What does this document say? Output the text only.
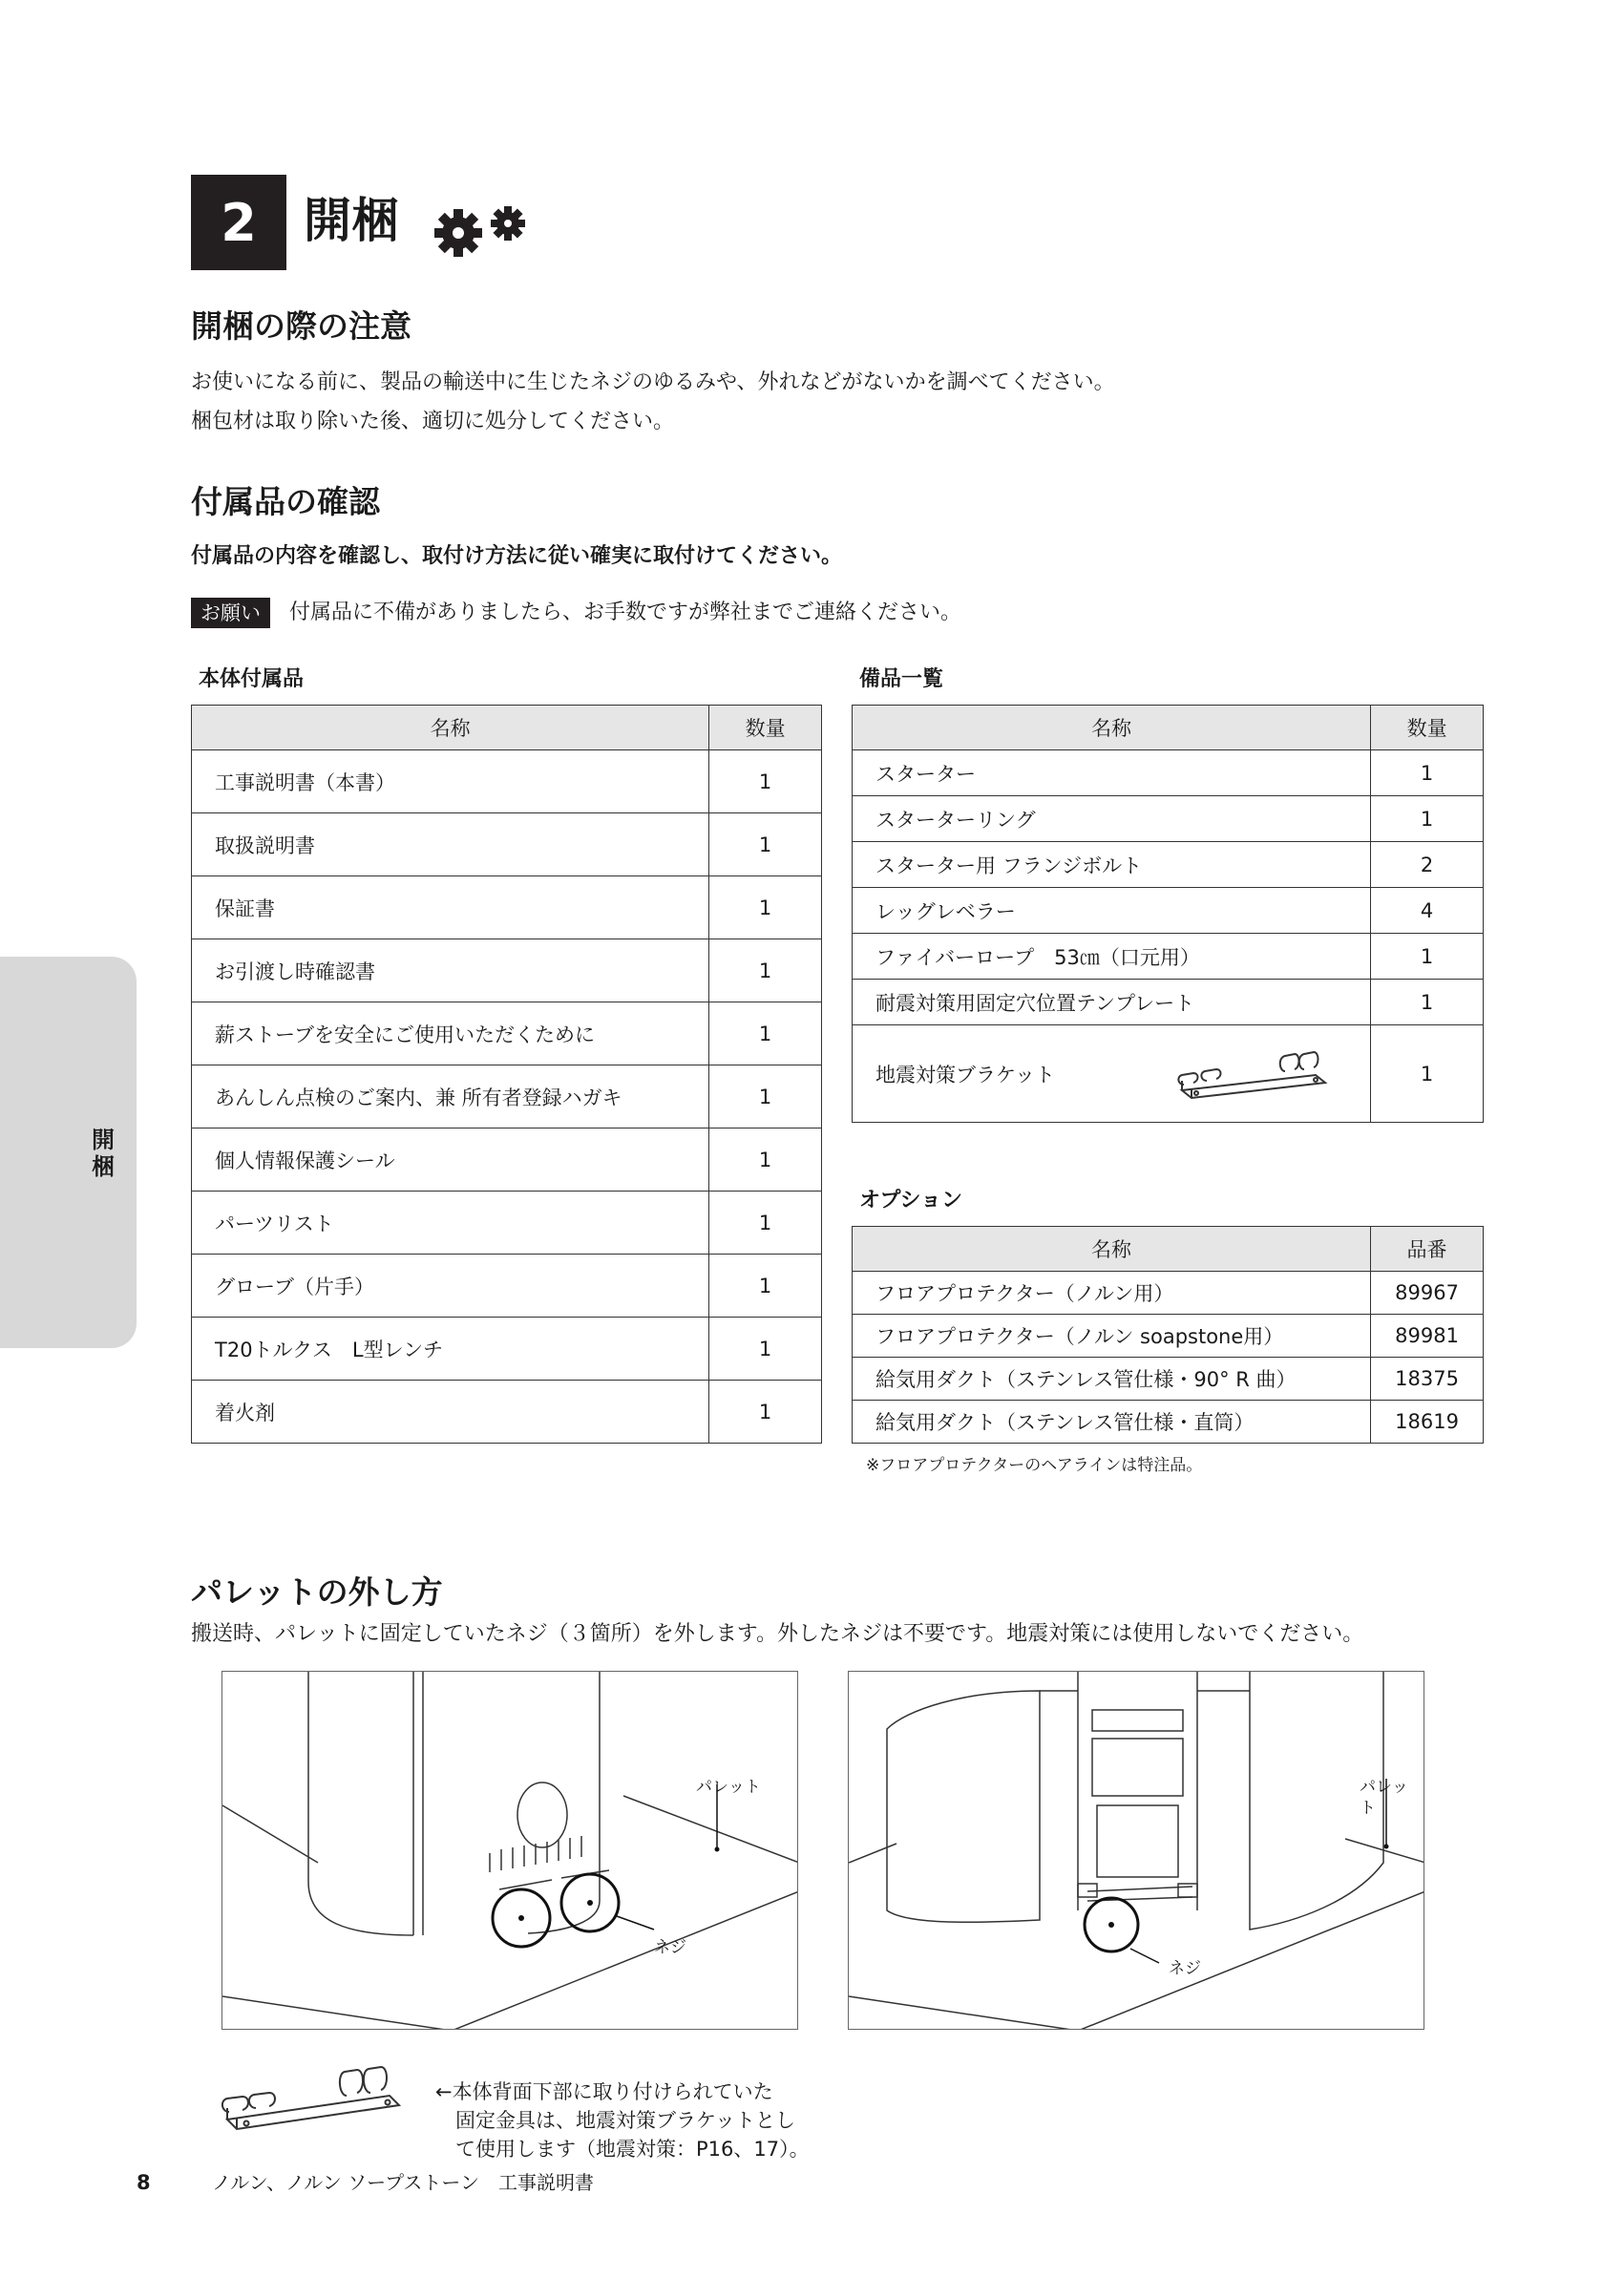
2 開梱
開梱の際の注意
お使いになる前に、製品の輸送中に生じたネジのゆるみや、外れなどがないかを調べてください。
梱包材は取り除いた後、適切に処分してください。
付属品の確認
付属品の内容を確認し、取付け方法に従い確実に取付けてください。
お願い	付属品に不備がありましたら、お手数ですが弊社までご連絡ください。
本体付属品
名称	数量
工事説明書（本書）	1
取扱説明書	1
保証書	1
お引渡し時確認書	1
薪ストーブを安全にご使用いただくために	1
あんしん点検のご案内、兼 所有者登録ハガキ	1
個人情報保護シール	1
パーツリスト	1
グローブ（片手）	1
T20トルクス　L型レンチ	1
着火剤	1
備品一覧
名称	数量
スターター	1
スターターリング	1
スターター用 フランジボルト	2
レッグレベラー	4
ファイバーロープ　53㎝（口元用）	1
耐震対策用固定穴位置テンプレート	1
地震対策ブラケット	1
オプション
名称	品番
フロアプロテクター（ノルン用）	89967
フロアプロテクター（ノルン soapstone用）	89981
給気用ダクト（ステンレス管仕様・90° R 曲）	18375
給気用ダクト（ステンレス管仕様・直筒）	18619
※フロアプロテクターのヘアラインは特注品。
開梱
パレットの外し方
搬送時、パレットに固定していたネジ（３箇所）を外します。外したネジは不要です。地震対策には使用しないでください。
パレット
ネジ
パレット
ネジ
←本体背面下部に取り付けられていた
　固定金具は、地震対策ブラケットとし
　て使用します（地震対策：P16、17）。
8	ノルン、ノルン ソープストーン　工事説明書
